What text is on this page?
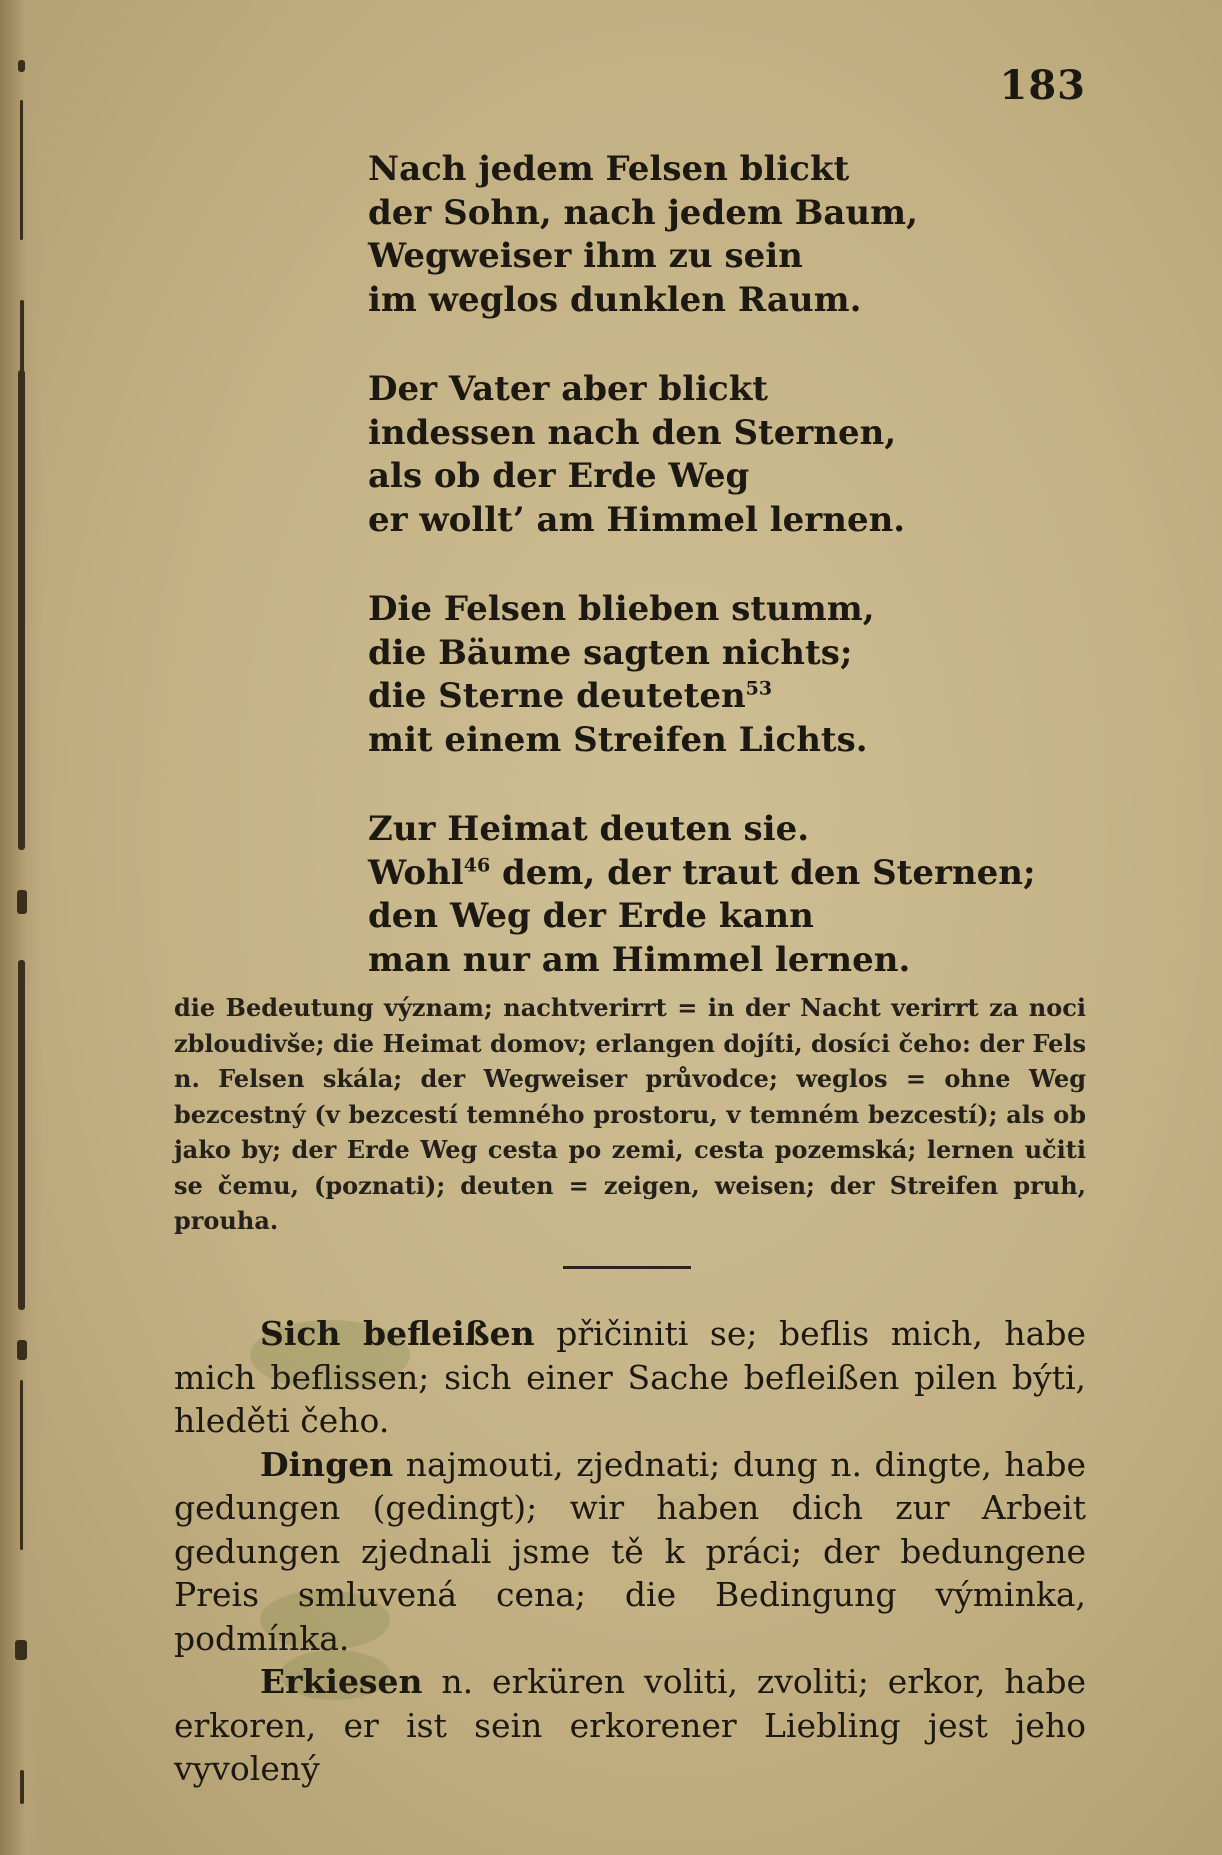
183
Nach jedem Felsen blickt
der Sohn, nach jedem Baum,
Wegweiser ihm zu sein
im weglos dunklen Raum.
Der Vater aber blickt
indessen nach den Sternen,
als ob der Erde Weg
er wollt’ am Himmel lernen.
Die Felsen blieben stumm,
die Bäume sagten nichts;
die Sterne deuteten$^{53}$
mit einem Streifen Lichts.
Zur Heimat deuten sie.
Wohl$^{46}$ dem, der traut den Sternen;
den Weg der Erde kann
man nur am Himmel lernen.
die Bedeutung význam; nachtverirrt = in der Nacht verirrt za noci zbloudivše; die Heimat domov; erlangen dojíti, dosíci čeho: der Fels n. Felsen skála; der Wegweiser průvodce; weglos = ohne Weg bezcestný (v bezcestí temného prostoru, v temném bezcestí); als ob jako by; der Erde Weg cesta po zemi, cesta pozemská; lernen učiti se čemu, (poznati); deuten = zeigen, weisen; der Streifen pruh, prouha.

Sich befleißen přičiniti se; beflis mich, habe mich beflissen; sich einer Sache befleißen pilen býti, hleděti čeho.

Dingen najmouti, zjednati; dung n. dingte, habe gedungen (gedingt); wir haben dich zur Arbeit gedungen zjednali jsme tě k práci; der bedungene Preis smluvená cena; die Bedingung výminka, podmínka.

Erkiesen n. erküren voliti, zvoliti; erkor, habe erkoren, er ist sein erkorener Liebling jest jeho vyvolený
